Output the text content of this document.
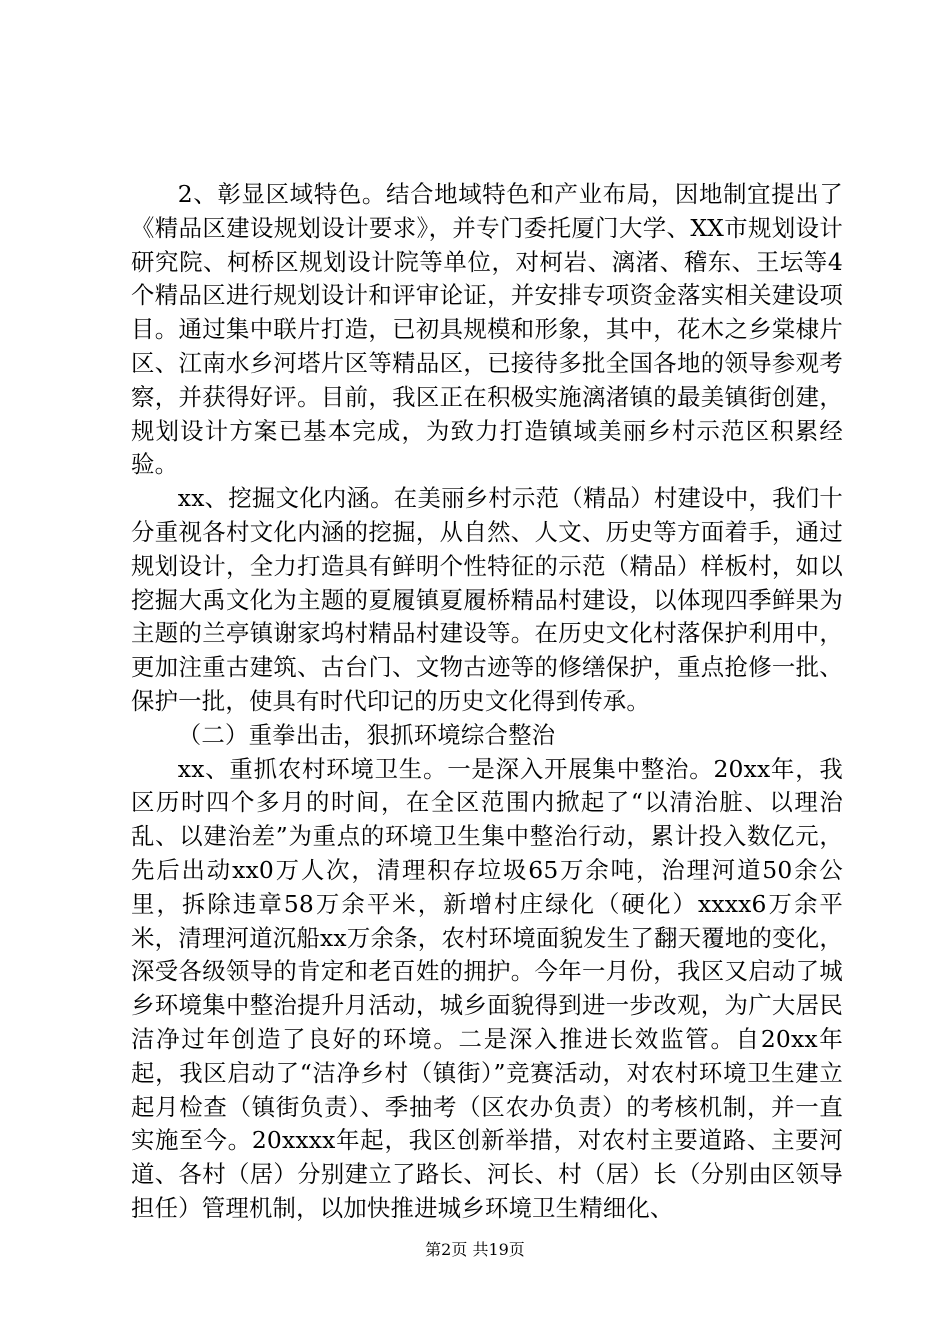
2、彰显区域特色。结合地域特色和产业布局，因地制宜提出了《精品区建设规划设计要求》，并专门委托厦门大学、XX市规划设计研究院、柯桥区规划设计院等单位，对柯岩、漓渚、稽东、王坛等4个精品区进行规划设计和评审论证，并安排专项资金落实相关建设项目。通过集中联片打造，已初具规模和形象，其中，花木之乡棠棣片区、江南水乡河塔片区等精品区，已接待多批全国各地的领导参观考察，并获得好评。目前，我区正在积极实施漓渚镇的最美镇街创建，规划设计方案已基本完成，为致力打造镇域美丽乡村示范区积累经验。

xx、挖掘文化内涵。在美丽乡村示范（精品）村建设中，我们十分重视各村文化内涵的挖掘，从自然、人文、历史等方面着手，通过规划设计，全力打造具有鲜明个性特征的示范（精品）样板村，如以挖掘大禹文化为主题的夏履镇夏履桥精品村建设，以体现四季鲜果为主题的兰亭镇谢家坞村精品村建设等。在历史文化村落保护利用中，更加注重古建筑、古台门、文物古迹等的修缮保护，重点抢修一批、保护一批，使具有时代印记的历史文化得到传承。

（二）重拳出击，狠抓环境综合整治

xx、重抓农村环境卫生。一是深入开展集中整治。20xx年，我区历时四个多月的时间，在全区范围内掀起了“以清治脏、以理治乱、以建治差”为重点的环境卫生集中整治行动，累计投入数亿元，先后出动xx0万人次，清理积存垃圾65万余吨，治理河道50余公里，拆除违章58万余平米，新增村庄绿化（硬化）xxxx6万余平米，清理河道沉船xx万余条，农村环境面貌发生了翻天覆地的变化，深受各级领导的肯定和老百姓的拥护。今年一月份，我区又启动了城乡环境集中整治提升月活动，城乡面貌得到进一步改观，为广大居民洁净过年创造了良好的环境。二是深入推进长效监管。自20xx年起，我区启动了“洁净乡村（镇街）”竞赛活动，对农村环境卫生建立起月检查（镇街负责）、季抽考（区农办负责）的考核机制，并一直实施至今。20xxxx年起，我区创新举措，对农村主要道路、主要河道、各村（居）分别建立了路长、河长、村（居）长（分别由区领导担任）管理机制，以加快推进城乡环境卫生精细化、

第2页 共19页
